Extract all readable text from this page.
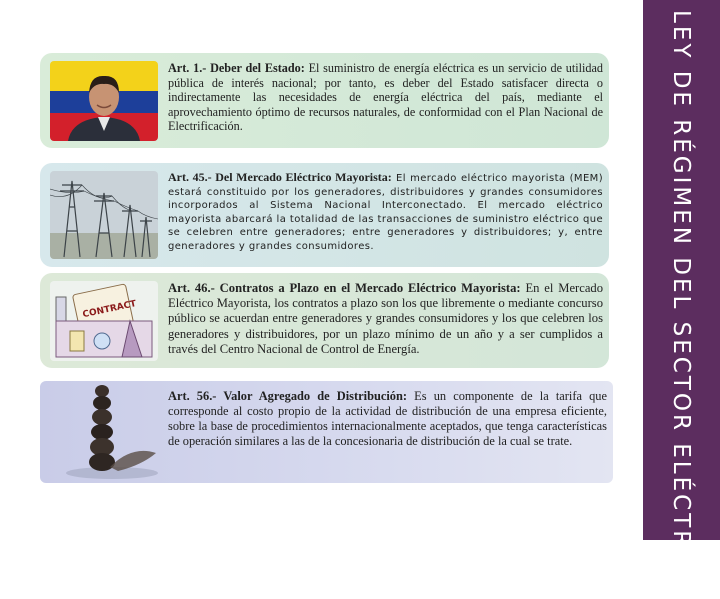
LEY DE RÉGIMEN DEL SECTOR ELÉCTRICO
Art. 1.- Deber del Estado: El suministro de energía eléctrica es un servicio de utilidad pública de interés nacional; por tanto, es deber del Estado satisfacer directa o indirectamente las necesidades de energía eléctrica del país, mediante el aprovechamiento óptimo de recursos naturales, de conformidad con el Plan Nacional de Electrificación.
Art. 45.- Del Mercado Eléctrico Mayorista: El mercado eléctrico mayorista (MEM) estará constituido por los generadores, distribuidores y grandes consumidores incorporados al Sistema Nacional Interconectado. El mercado eléctrico mayorista abarcará la totalidad de las transacciones de suministro eléctrico que se celebren entre generadores; entre generadores y distribuidores; y, entre generadores y grandes consumidores.
CONTRACT
Art. 46.- Contratos a Plazo en el Mercado Eléctrico Mayorista: En el Mercado Eléctrico Mayorista, los contratos a plazo son los que libremente o mediante concurso público se acuerdan entre generadores y grandes consumidores y los que celebren los generadores y distribuidores, por un plazo mínimo de un año y a ser cumplidos a través del Centro Nacional de Control de Energía.
Art. 56.- Valor Agregado de Distribución: Es un componente de la tarifa que corresponde al costo propio de la actividad de distribución de una empresa eficiente, sobre la base de procedimientos internacionalmente aceptados, que tenga características de operación similares a las de la concesionaria de distribución de la cual se trate.
